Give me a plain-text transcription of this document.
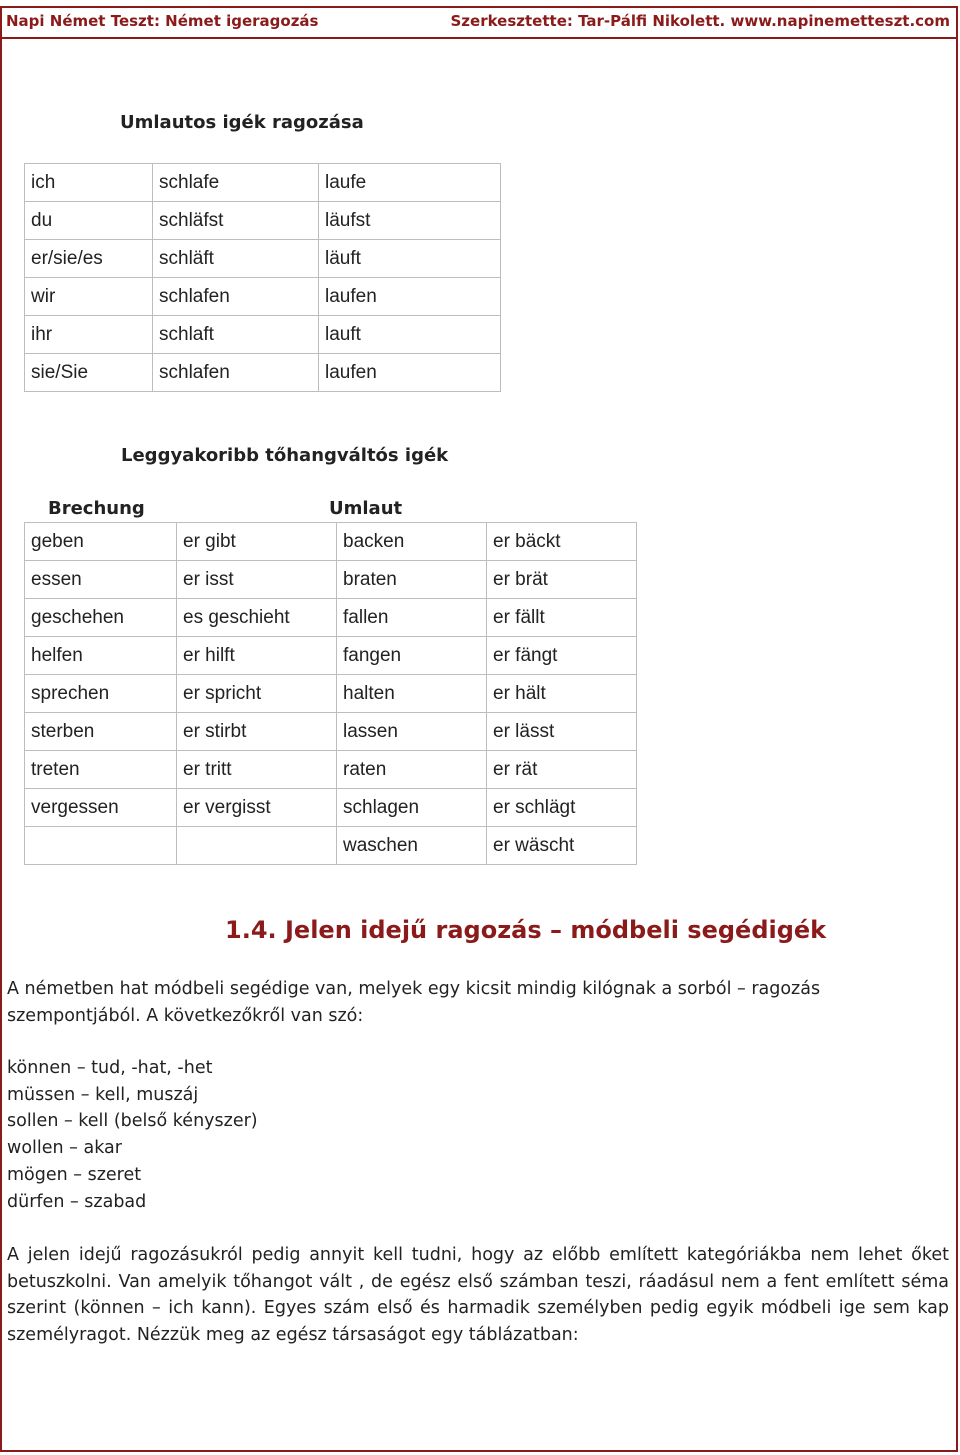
Napi Német Teszt: Német igeragozás	Szerkesztette: Tar-Pálfi Nikolett. www.napinemetteszt.com
Umlautos igék ragozása
ich	schlafe	laufe
du	schläfst	läufst
er/sie/es	schläft	läuft
wir	schlafen	laufen
ihr	schlaft	lauft
sie/Sie	schlafen	laufen
Leggyakoribb tőhangváltós igék
Brechung	Umlaut
geben	er gibt	backen	er bäckt
essen	er isst	braten	er brät
geschehen	es geschieht	fallen	er fällt
helfen	er hilft	fangen	er fängt
sprechen	er spricht	halten	er hält
sterben	er stirbt	lassen	er lässt
treten	er tritt	raten	er rät
vergessen	er vergisst	schlagen	er schlägt
		waschen	er wäscht
1.4. Jelen idejű ragozás – módbeli segédigék
A németben hat módbeli segédige van, melyek egy kicsit mindig kilógnak a sorból – ragozás szempontjából. A következőkről van szó:
können – tud, -hat, -het
müssen – kell, muszáj
sollen – kell (belső kényszer)
wollen – akar
mögen – szeret
dürfen – szabad
A jelen idejű ragozásukról pedig annyit kell tudni, hogy az előbb említett kategóriákba nem lehet őket betuszkolni. Van amelyik tőhangot vált , de egész első számban teszi, ráadásul nem a fent említett séma szerint (können – ich kann). Egyes szám első és harmadik személyben pedig egyik módbeli ige sem kap személyragot. Nézzük meg az egész társaságot egy táblázatban:
